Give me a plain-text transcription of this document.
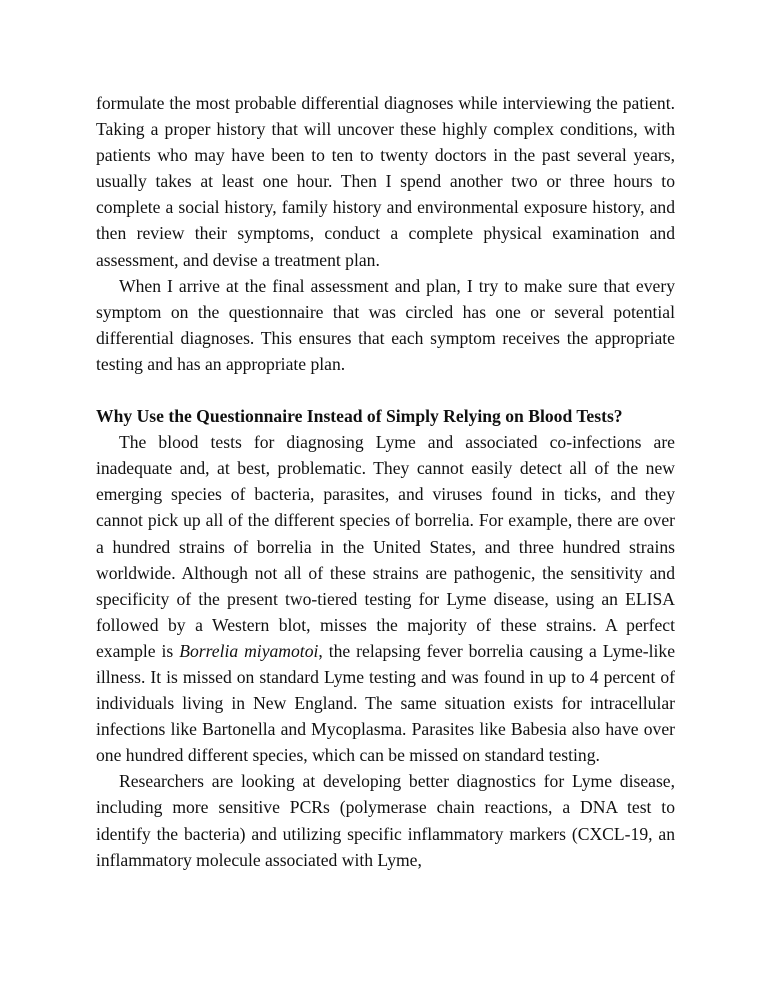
formulate the most probable differential diagnoses while interviewing the patient. Taking a proper history that will uncover these highly complex conditions, with patients who may have been to ten to twenty doctors in the past several years, usually takes at least one hour. Then I spend another two or three hours to complete a social history, family history and environmental exposure history, and then review their symptoms, conduct a complete physical examination and assessment, and devise a treatment plan.

When I arrive at the final assessment and plan, I try to make sure that every symptom on the questionnaire that was circled has one or several potential differential diagnoses. This ensures that each symptom receives the appropriate testing and has an appropriate plan.

Why Use the Questionnaire Instead of Simply Relying on Blood Tests?

The blood tests for diagnosing Lyme and associated co-infections are inadequate and, at best, problematic. They cannot easily detect all of the new emerging species of bacteria, parasites, and viruses found in ticks, and they cannot pick up all of the different species of borrelia. For example, there are over a hundred strains of borrelia in the United States, and three hundred strains worldwide. Although not all of these strains are pathogenic, the sensitivity and specificity of the present two-tiered testing for Lyme disease, using an ELISA followed by a Western blot, misses the majority of these strains. A perfect example is Borrelia miyamotoi, the relapsing fever borrelia causing a Lyme-like illness. It is missed on standard Lyme testing and was found in up to 4 percent of individuals living in New England. The same situation exists for intracellular infections like Bartonella and Mycoplasma. Parasites like Babesia also have over one hundred different species, which can be missed on standard testing.

Researchers are looking at developing better diagnostics for Lyme disease, including more sensitive PCRs (polymerase chain reactions, a DNA test to identify the bacteria) and utilizing specific inflammatory markers (CXCL-19, an inflammatory molecule associated with Lyme,
